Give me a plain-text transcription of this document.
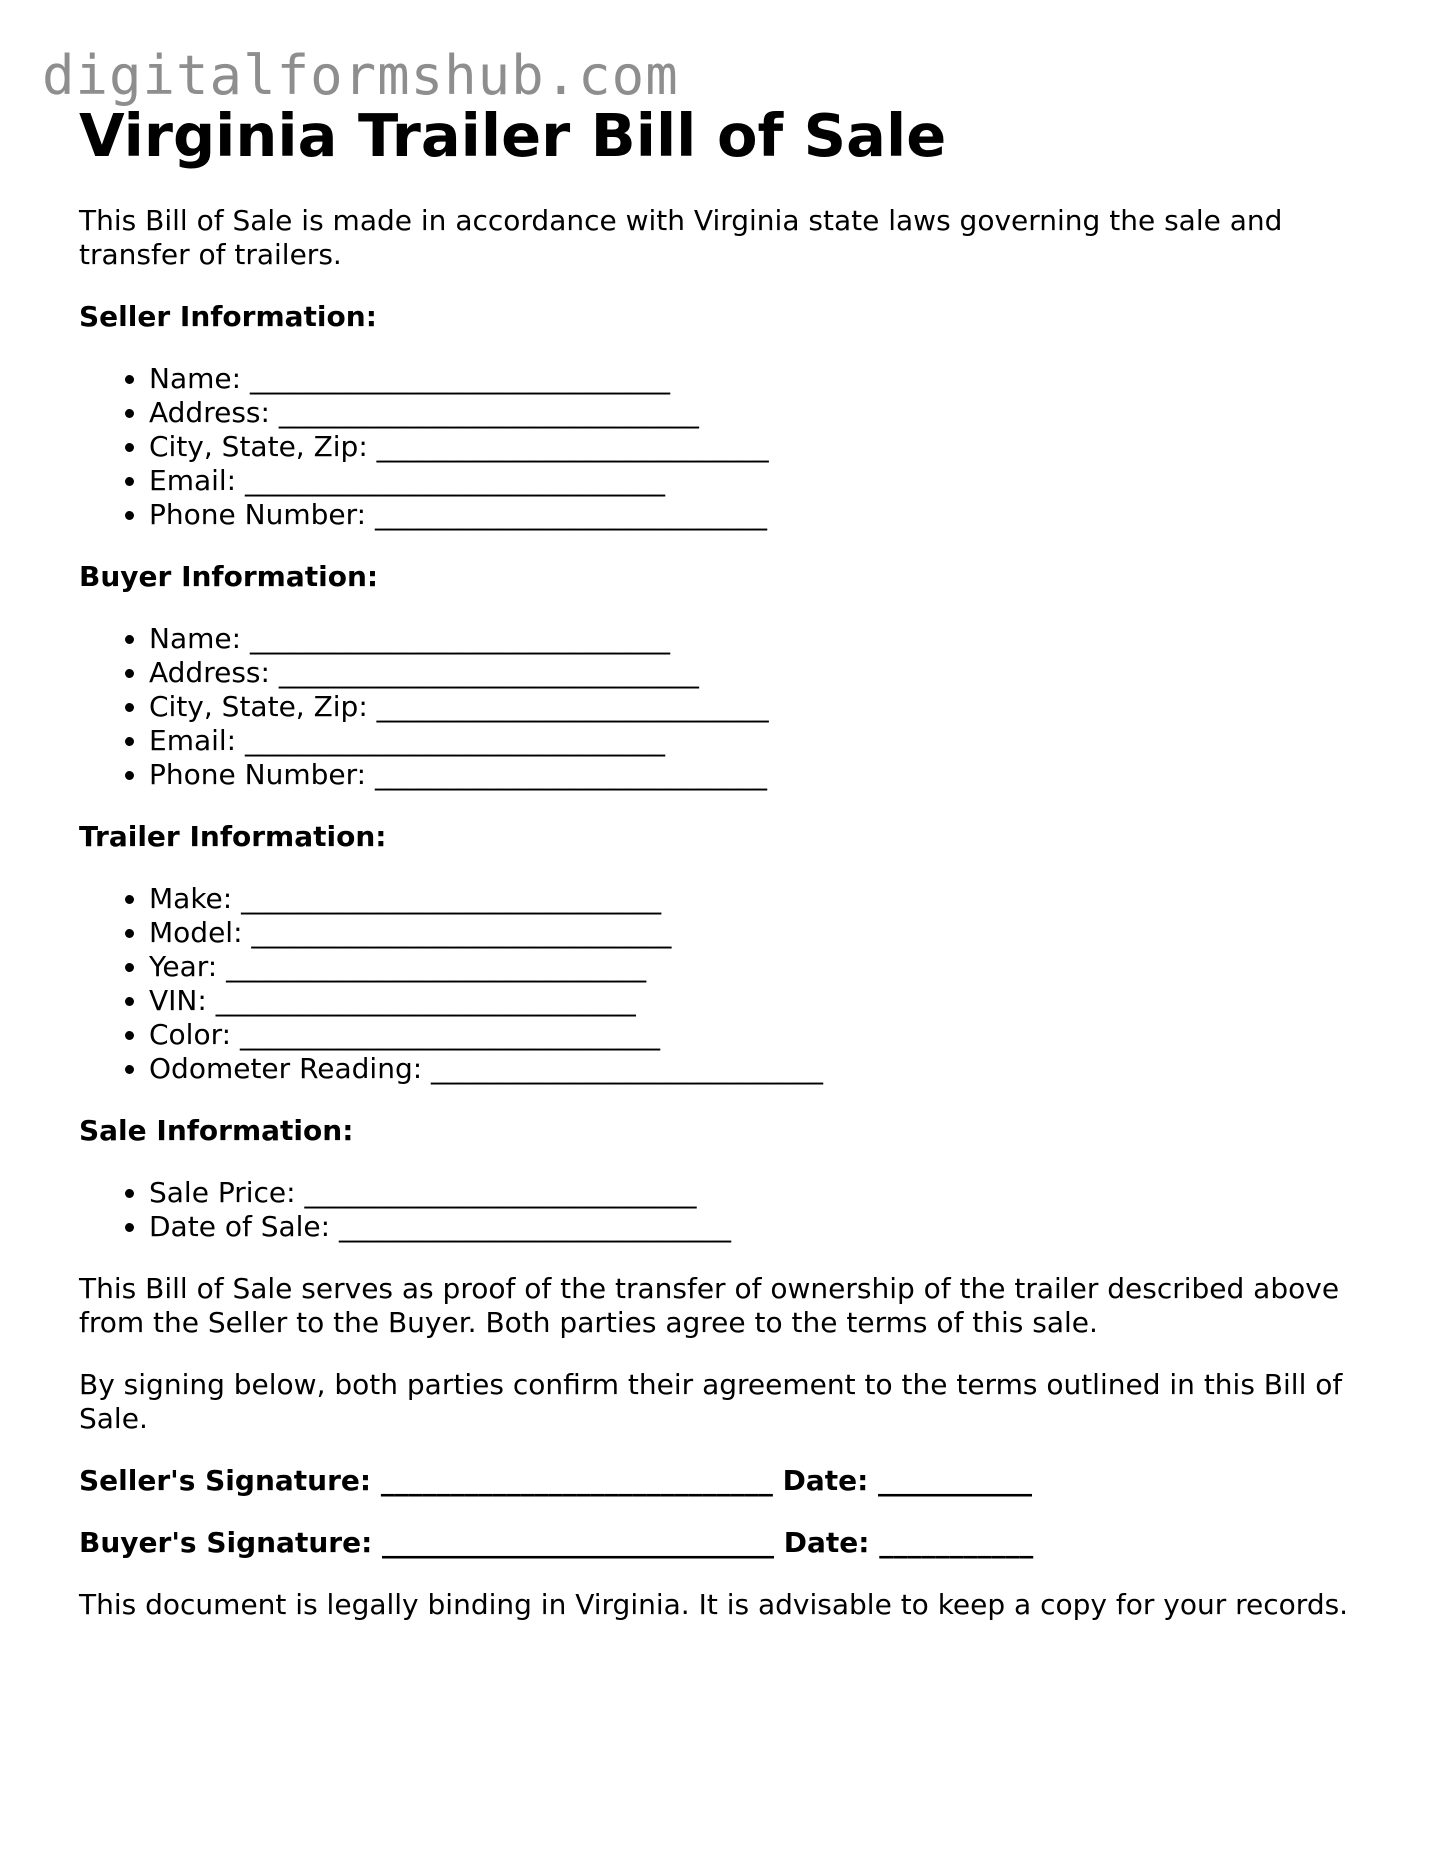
digitalformshub.com
Virginia Trailer Bill of Sale

This Bill of Sale is made in accordance with Virginia state laws governing the sale and transfer of trailers.

Seller Information:

• Name: ______________________________
• Address: ______________________________
• City, State, Zip: ____________________________
• Email: ______________________________
• Phone Number: ____________________________

Buyer Information:

• Name: ______________________________
• Address: ______________________________
• City, State, Zip: ____________________________
• Email: ______________________________
• Phone Number: ____________________________

Trailer Information:

• Make: ______________________________
• Model: ______________________________
• Year: ______________________________
• VIN: ______________________________
• Color: ______________________________
• Odometer Reading: ____________________________

Sale Information:

• Sale Price: ____________________________
• Date of Sale: ____________________________

This Bill of Sale serves as proof of the transfer of ownership of the trailer described above from the Seller to the Buyer. Both parties agree to the terms of this sale.

By signing below, both parties confirm their agreement to the terms outlined in this Bill of Sale.

Seller's Signature: ____________________________ Date: ___________

Buyer's Signature: ____________________________ Date: ___________

This document is legally binding in Virginia. It is advisable to keep a copy for your records.
